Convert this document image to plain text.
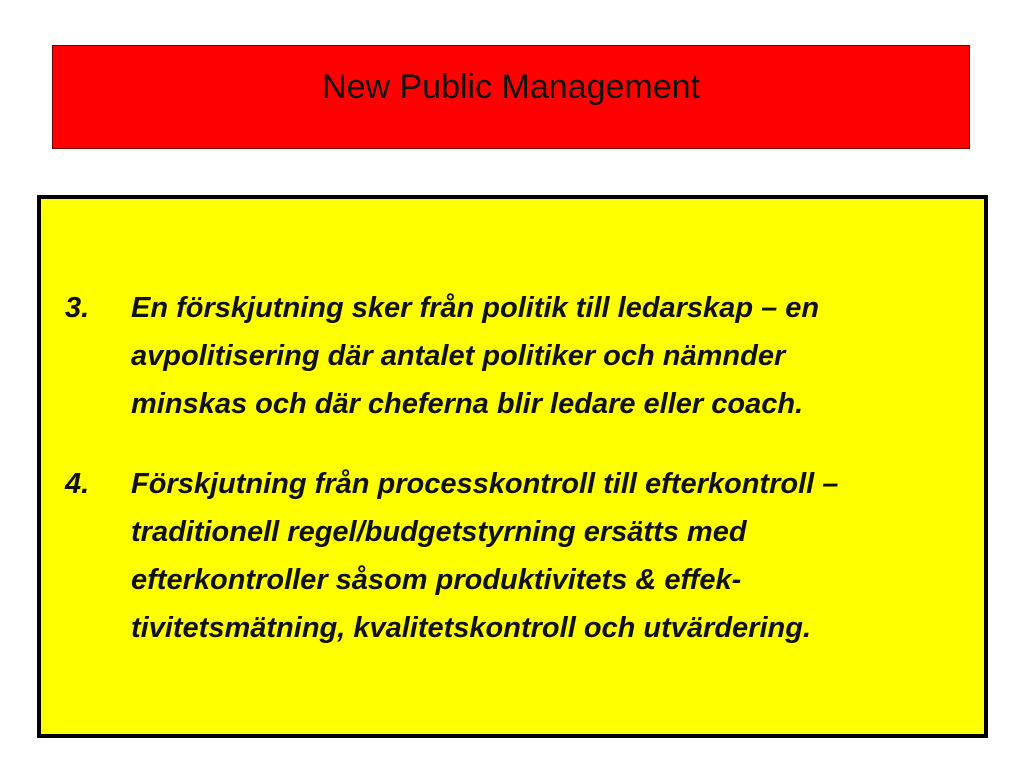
New Public Management
3.	En förskjutning sker från politik till ledarskap – en
avpolitisering där antalet politiker och nämnder
minskas och där cheferna blir ledare eller coach.
4.	Förskjutning från processkontroll till efterkontroll –
traditionell regel/budgetstyrning ersätts med
efterkontroller såsom produktivitets & effek-
tivitetsmätning, kvalitetskontroll och utvärdering.
